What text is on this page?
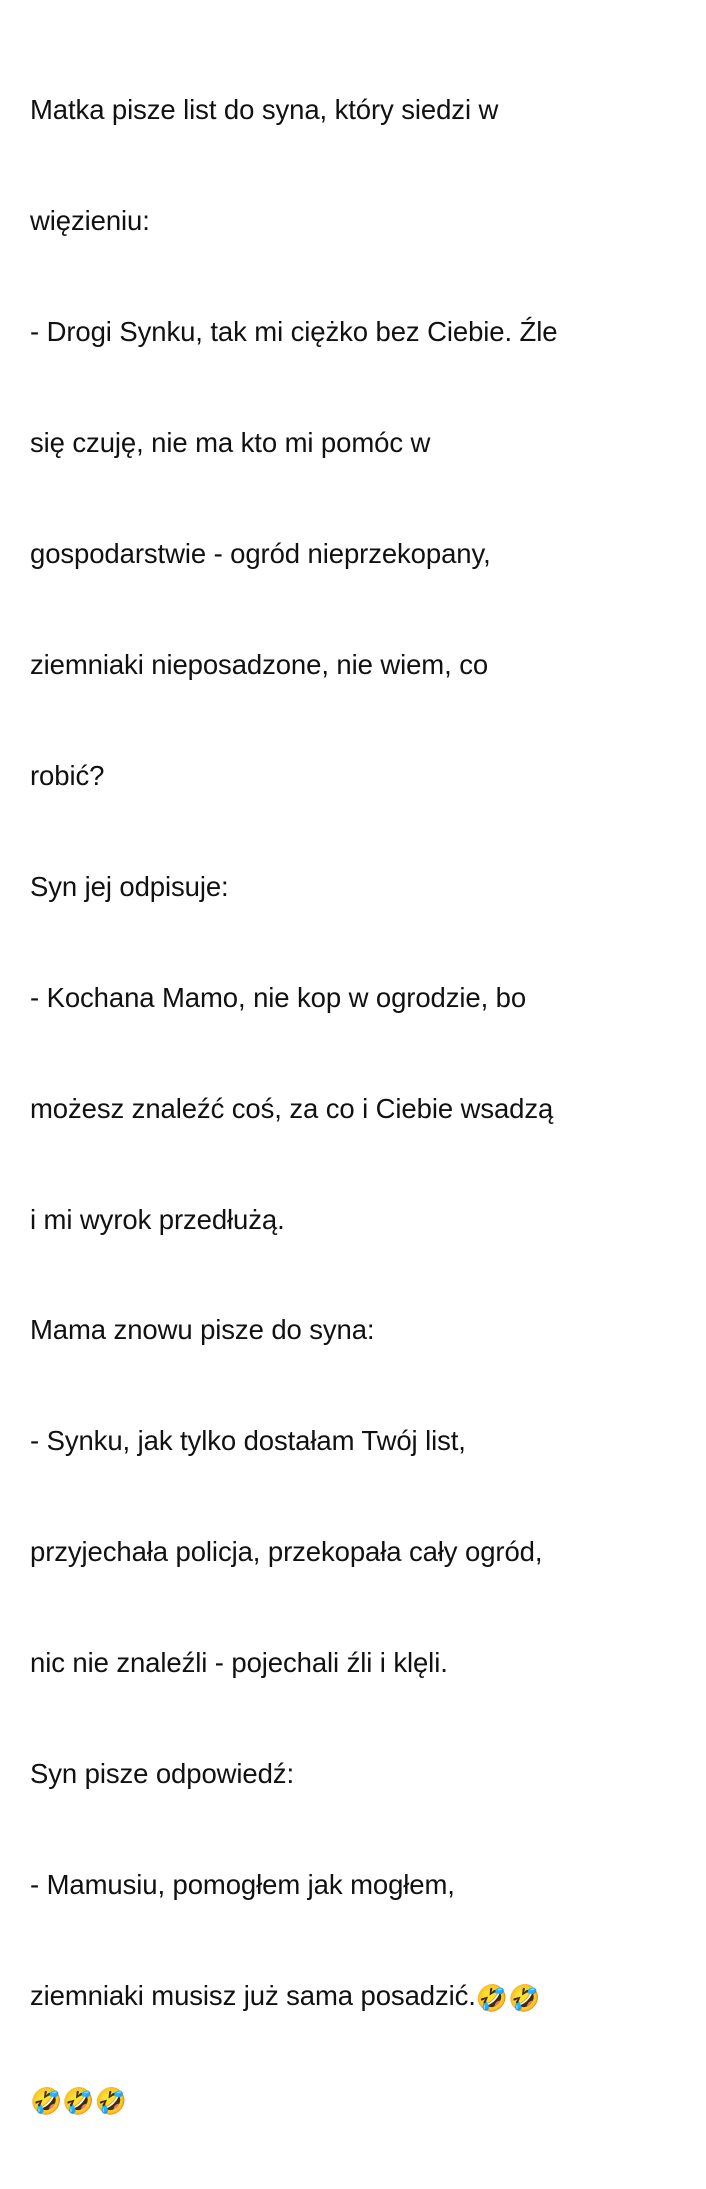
Matka pisze list do syna, który siedzi w

więzieniu:

- Drogi Synku, tak mi ciężko bez Ciebie. Źle

się czuję, nie ma kto mi pomóc w

gospodarstwie - ogród nieprzekopany,

ziemniaki nieposadzone, nie wiem, co

robić?

Syn jej odpisuje:

- Kochana Mamo, nie kop w ogrodzie, bo

możesz znaleźć coś, za co i Ciebie wsadzą

i mi wyrok przedłużą.

Mama znowu pisze do syna:

- Synku, jak tylko dostałam Twój list,

przyjechała policja, przekopała cały ogród,

nic nie znaleźli - pojechali źli i klęli.

Syn pisze odpowiedź:

- Mamusiu, pomogłem jak mogłem,

ziemniaki musisz już sama posadzić.🤣🤣

🤣🤣🤣
